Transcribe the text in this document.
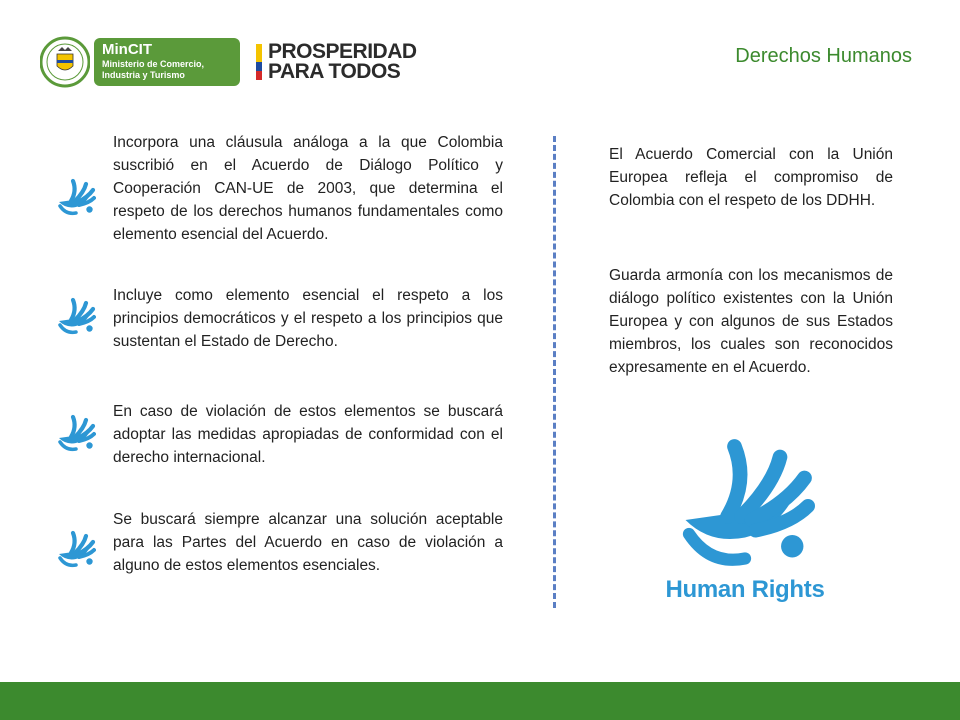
MinCIT
Ministerio de Comercio,
Industria y Turismo
PROSPERIDAD
PARA TODOS
Derechos Humanos

Incorpora una cláusula análoga a la que Colombia suscribió en el Acuerdo de Diálogo Político y Cooperación CAN-UE de 2003, que determina el respeto de los derechos humanos fundamentales como elemento esencial del Acuerdo.

Incluye como elemento esencial el respeto a los principios democráticos y el respeto a los principios que sustentan el Estado de Derecho.

En caso de violación de estos elementos se buscará adoptar las medidas apropiadas de conformidad con el derecho internacional.

Se buscará siempre alcanzar una solución aceptable para las Partes del Acuerdo en caso de violación a alguno de estos elementos esenciales.

El Acuerdo Comercial con la Unión Europea refleja el compromiso de Colombia con el respeto de los DDHH.

Guarda armonía con los mecanismos de diálogo político existentes con la Unión Europea y con algunos de sus Estados miembros, los cuales son reconocidos expresamente en el Acuerdo.

Human Rights
